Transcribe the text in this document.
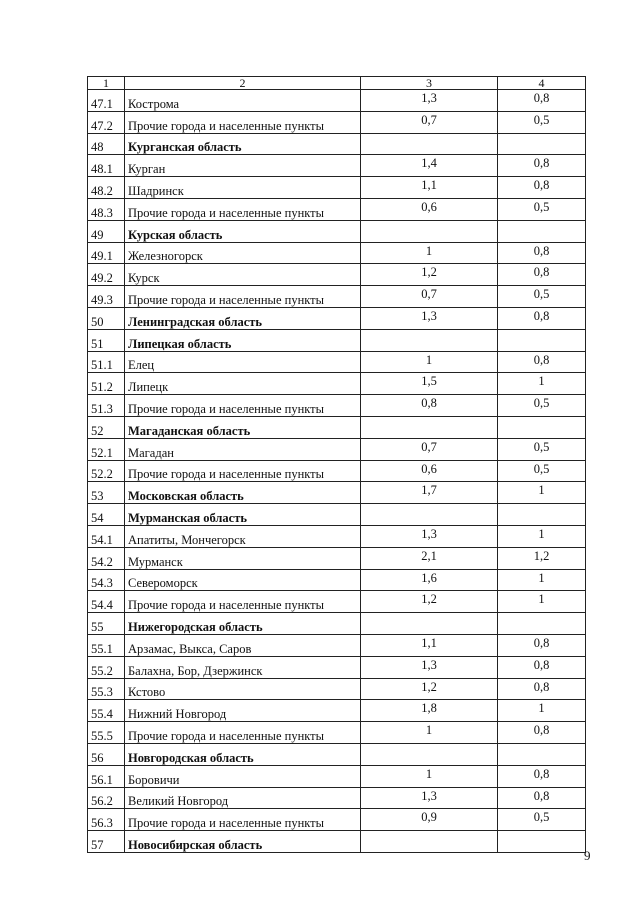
1	2	3	4
47.1	Кострома	1,3	0,8
47.2	Прочие города и населенные пункты	0,7	0,5
48	Курганская область		
48.1	Курган	1,4	0,8
48.2	Шадринск	1,1	0,8
48.3	Прочие города и населенные пункты	0,6	0,5
49	Курская область		
49.1	Железногорск	1	0,8
49.2	Курск	1,2	0,8
49.3	Прочие города и населенные пункты	0,7	0,5
50	Ленинградская область	1,3	0,8
51	Липецкая область		
51.1	Елец	1	0,8
51.2	Липецк	1,5	1
51.3	Прочие города и населенные пункты	0,8	0,5
52	Магаданская область		
52.1	Магадан	0,7	0,5
52.2	Прочие города и населенные пункты	0,6	0,5
53	Московская область	1,7	1
54	Мурманская область		
54.1	Апатиты, Мончегорск	1,3	1
54.2	Мурманск	2,1	1,2
54.3	Североморск	1,6	1
54.4	Прочие города и населенные пункты	1,2	1
55	Нижегородская область		
55.1	Арзамас, Выкса, Саров	1,1	0,8
55.2	Балахна, Бор, Дзержинск	1,3	0,8
55.3	Кстово	1,2	0,8
55.4	Нижний Новгород	1,8	1
55.5	Прочие города и населенные пункты	1	0,8
56	Новгородская область		
56.1	Боровичи	1	0,8
56.2	Великий Новгород	1,3	0,8
56.3	Прочие города и населенные пункты	0,9	0,5
57	Новосибирская область		
9
